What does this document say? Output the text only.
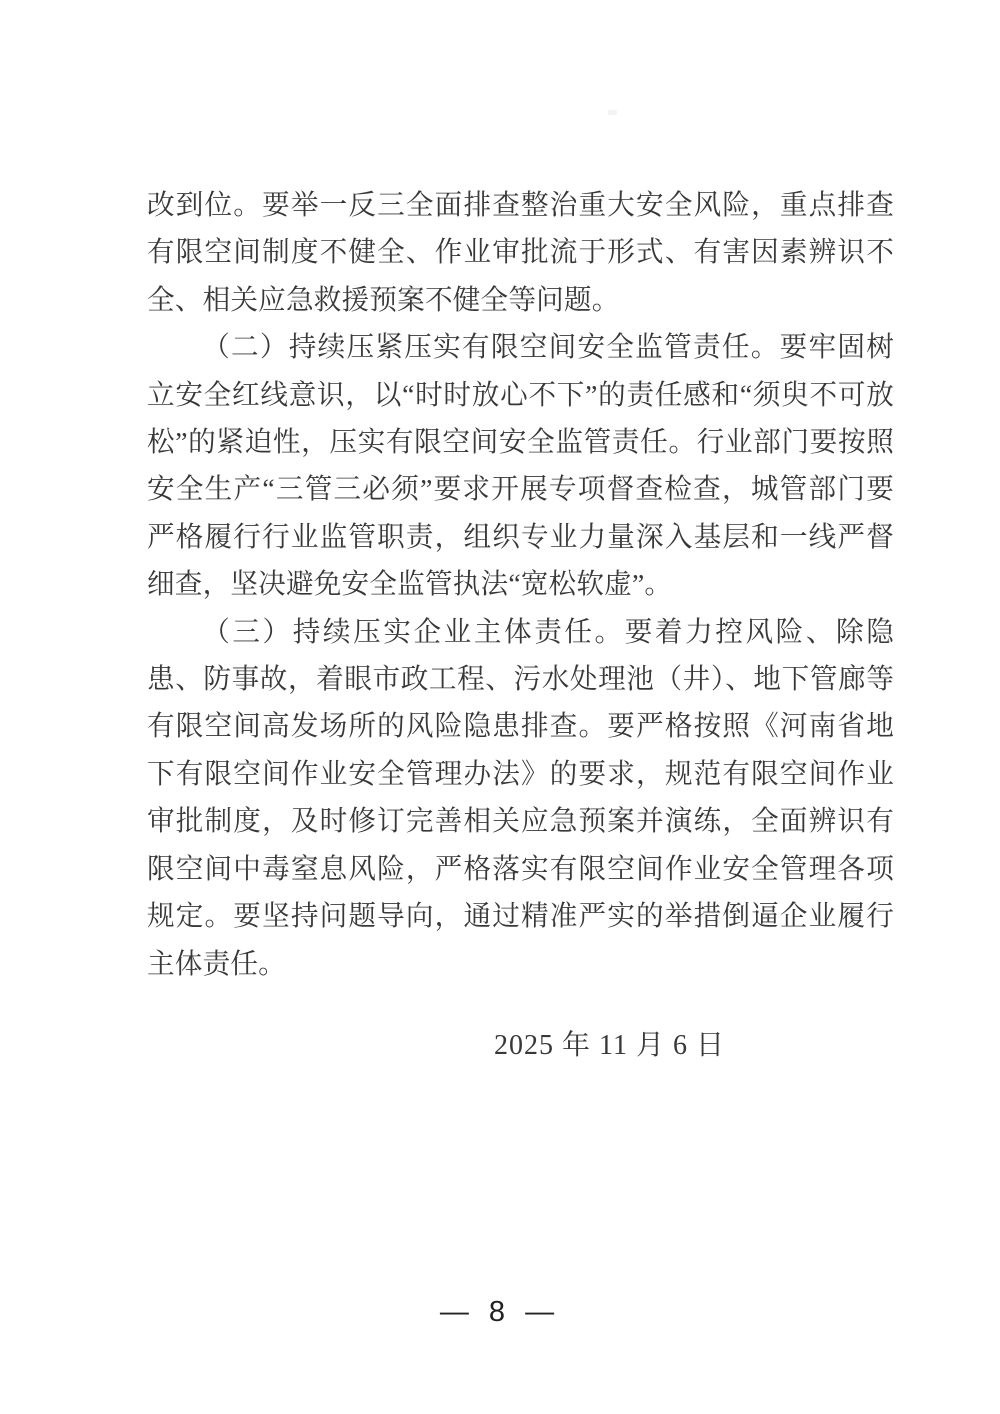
改到位。要举一反三全面排查整治重大安全风险，重点排查有限空间制度不健全、作业审批流于形式、有害因素辨识不全、相关应急救援预案不健全等问题。

（二）持续压紧压实有限空间安全监管责任。要牢固树立安全红线意识，以“时时放心不下”的责任感和“须臾不可放松”的紧迫性，压实有限空间安全监管责任。行业部门要按照安全生产“三管三必须”要求开展专项督查检查，城管部门要严格履行行业监管职责，组织专业力量深入基层和一线严督细查，坚决避免安全监管执法“宽松软虚”。

（三）持续压实企业主体责任。要着力控风险、除隐患、防事故，着眼市政工程、污水处理池（井）、地下管廊等有限空间高发场所的风险隐患排查。要严格按照《河南省地下有限空间作业安全管理办法》的要求，规范有限空间作业审批制度，及时修订完善相关应急预案并演练，全面辨识有限空间中毒窒息风险，严格落实有限空间作业安全管理各项规定。要坚持问题导向，通过精准严实的举措倒逼企业履行主体责任。

2025 年 11 月 6 日
— 8 —
